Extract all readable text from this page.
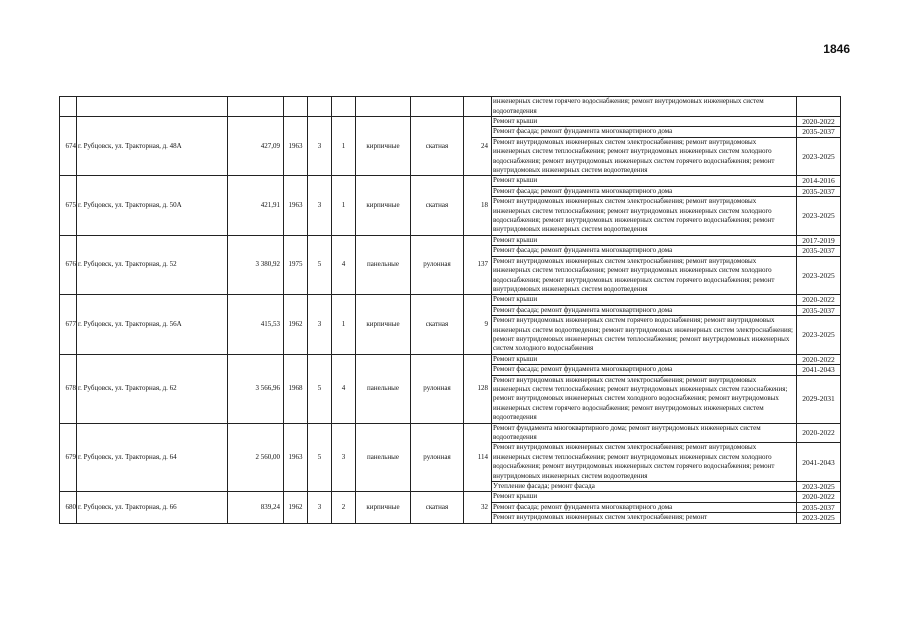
1846
									инженерных систем горячего водоснабжения; ремонт внутридомовых инженерных систем водоотведения	
674	г. Рубцовск, ул. Тракторная, д. 48А	427,09	1963	3	1	кирпичные	скатная	24	Ремонт крыши	2020-2022
									Ремонт фасада; ремонт фундамента многоквартирного дома	2035-2037
									Ремонт внутридомовых инженерных систем электроснабжения; ремонт внутридомовых инженерных систем теплоснабжения; ремонт внутридомовых инженерных систем холодного водоснабжения; ремонт внутридомовых инженерных систем горячего водоснабжения; ремонт внутридомовых инженерных систем водоотведения	2023-2025
675	г. Рубцовск, ул. Тракторная, д. 50А	421,91	1963	3	1	кирпичные	скатная	18	Ремонт крыши	2014-2016
									Ремонт фасада; ремонт фундамента многоквартирного дома	2035-2037
									Ремонт внутридомовых инженерных систем электроснабжения; ремонт внутридомовых инженерных систем теплоснабжения; ремонт внутридомовых инженерных систем холодного водоснабжения; ремонт внутридомовых инженерных систем горячего водоснабжения; ремонт внутридомовых инженерных систем водоотведения	2023-2025
676	г. Рубцовск, ул. Тракторная, д. 52	3 380,92	1975	5	4	панельные	рулонная	137	Ремонт крыши	2017-2019
									Ремонт фасада; ремонт фундамента многоквартирного дома	2035-2037
									Ремонт внутридомовых инженерных систем электроснабжения; ремонт внутридомовых инженерных систем теплоснабжения; ремонт внутридомовых инженерных систем холодного водоснабжения; ремонт внутридомовых инженерных систем горячего водоснабжения; ремонт внутридомовых инженерных систем водоотведения	2023-2025
677	г. Рубцовск, ул. Тракторная, д. 56А	415,53	1962	3	1	кирпичные	скатная	9	Ремонт крыши	2020-2022
									Ремонт фасада; ремонт фундамента многоквартирного дома	2035-2037
									Ремонт внутридомовых инженерных систем горячего водоснабжения; ремонт внутридомовых инженерных систем водоотведения; ремонт внутридомовых инженерных систем электроснабжения; ремонт внутридомовых инженерных систем теплоснабжения; ремонт внутридомовых инженерных систем холодного водоснабжения	2023-2025
678	г. Рубцовск, ул. Тракторная, д. 62	3 566,96	1968	5	4	панельные	рулонная	128	Ремонт крыши	2020-2022
									Ремонт фасада; ремонт фундамента многоквартирного дома	2041-2043
									Ремонт внутридомовых инженерных систем электроснабжения; ремонт внутридомовых инженерных систем теплоснабжения; ремонт внутридомовых инженерных систем газоснабжения; ремонт внутридомовых инженерных систем холодного водоснабжения; ремонт внутридомовых инженерных систем горячего водоснабжения; ремонт внутридомовых инженерных систем водоотведения	2029-2031
679	г. Рубцовск, ул. Тракторная, д. 64	2 560,00	1963	5	3	панельные	рулонная	114	Ремонт фундамента многоквартирного дома; ремонт внутридомовых инженерных систем водоотведения	2020-2022
									Ремонт внутридомовых инженерных систем электроснабжения; ремонт внутридомовых инженерных систем теплоснабжения; ремонт внутридомовых инженерных систем холодного водоснабжения; ремонт внутридомовых инженерных систем горячего водоснабжения; ремонт внутридомовых инженерных систем водоотведения	2041-2043
									Утепление фасада; ремонт фасада	2023-2025
680	г. Рубцовск, ул. Тракторная, д. 66	839,24	1962	3	2	кирпичные	скатная	32	Ремонт крыши	2020-2022
									Ремонт фасада; ремонт фундамента многоквартирного дома	2035-2037
									Ремонт внутридомовых инженерных систем электроснабжения; ремонт	2023-2025
